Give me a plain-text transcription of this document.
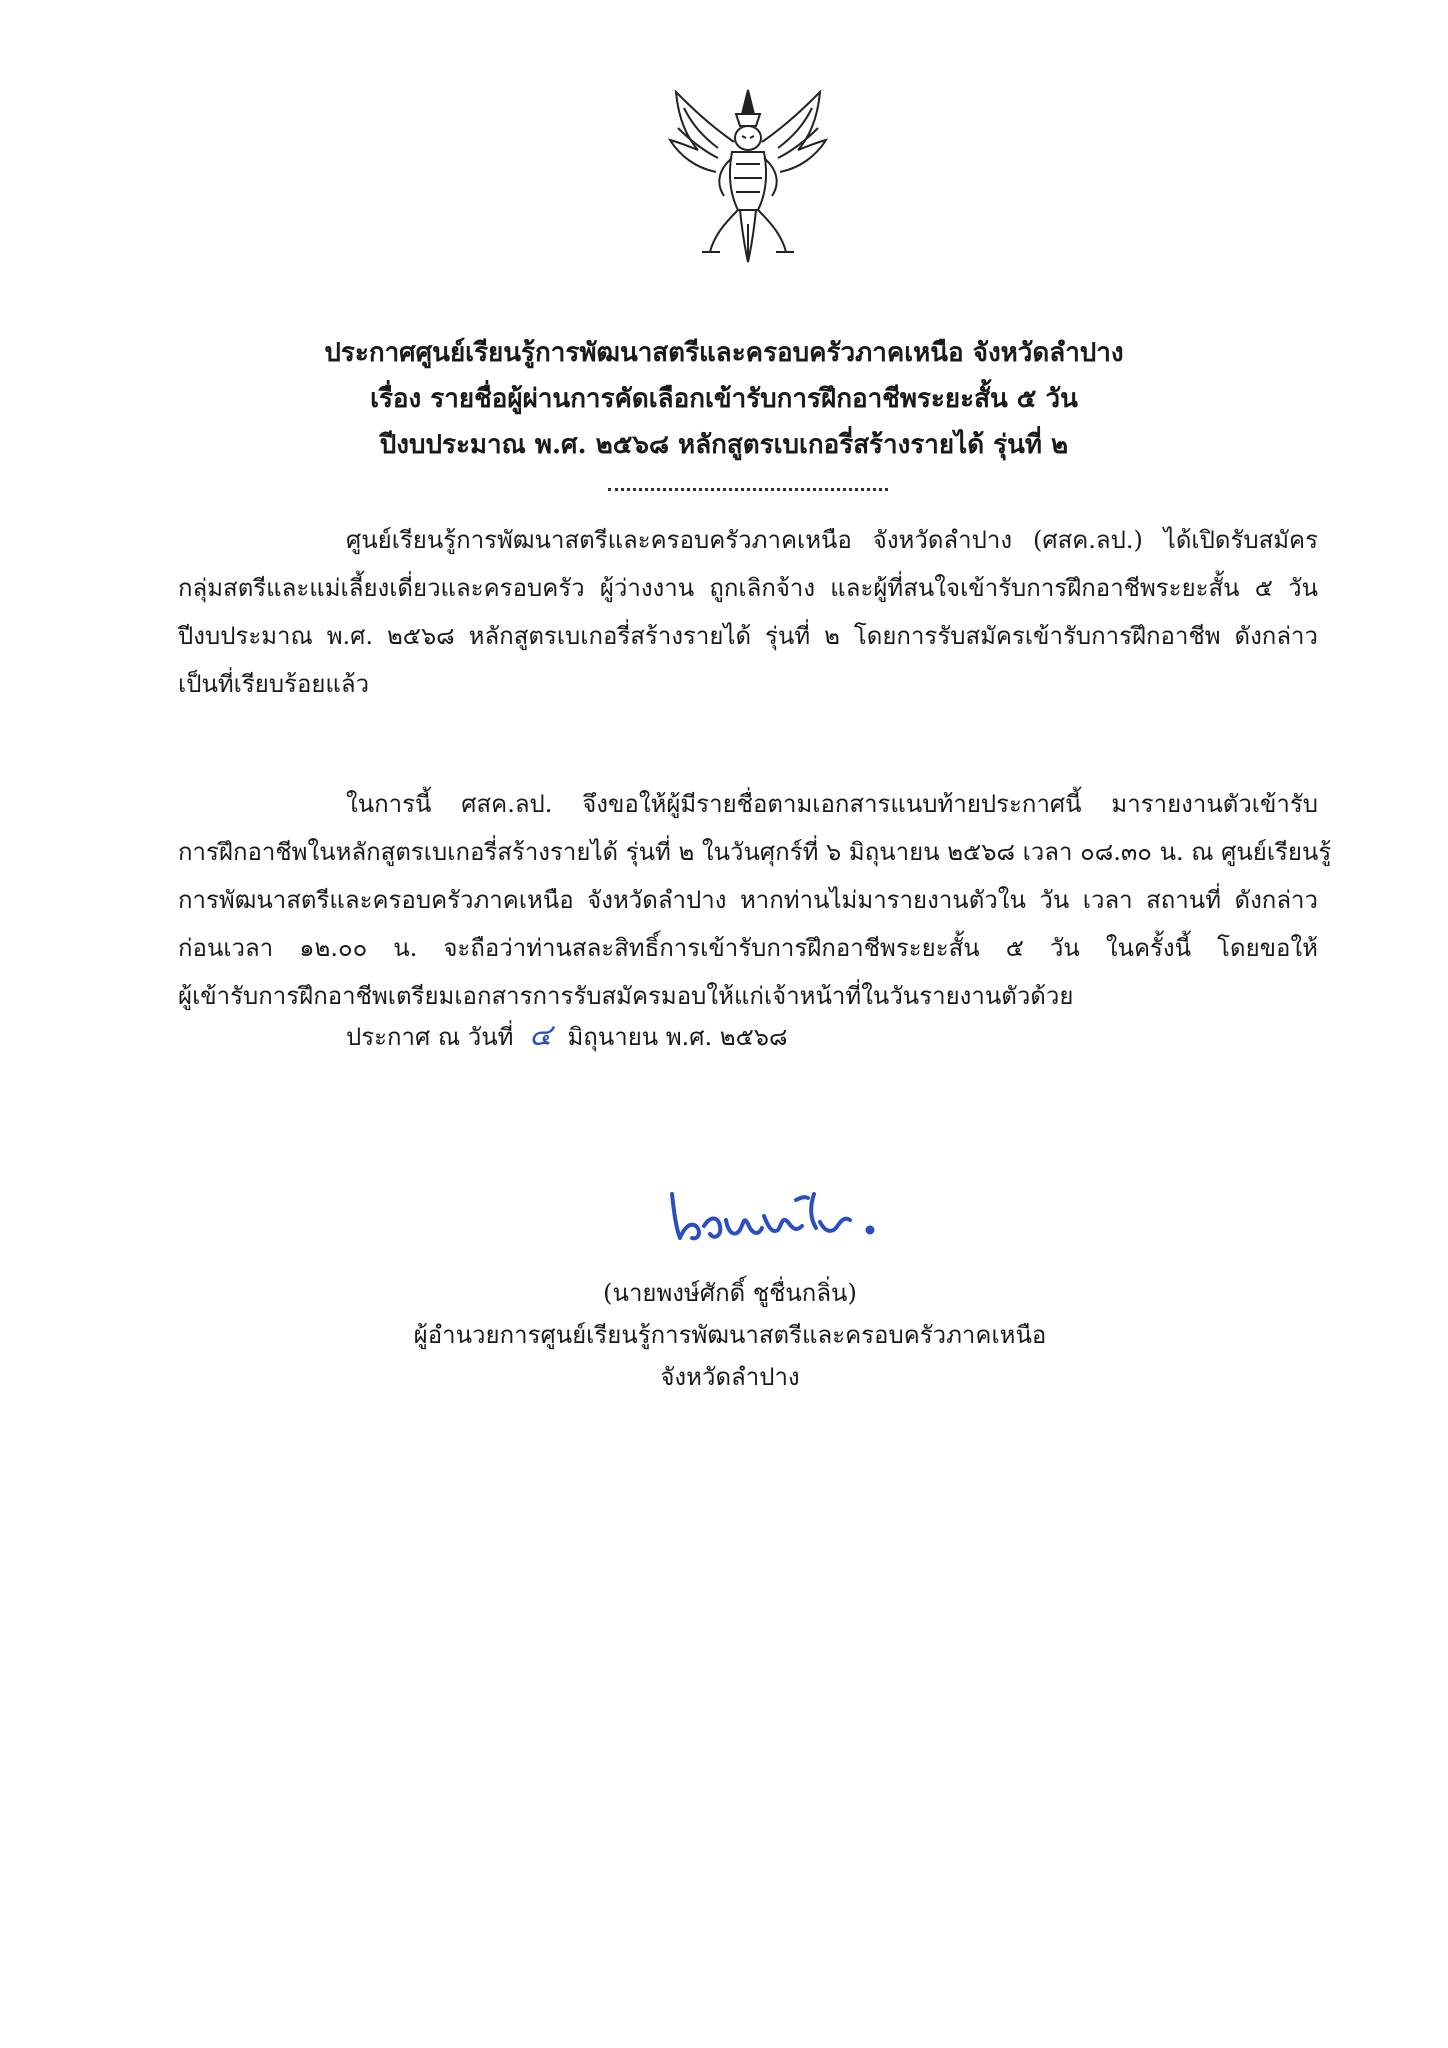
ประกาศศูนย์เรียนรู้การพัฒนาสตรีและครอบครัวภาคเหนือ จังหวัดลำปาง
เรื่อง รายชื่อผู้ผ่านการคัดเลือกเข้ารับการฝึกอาชีพระยะสั้น ๕ วัน
ปีงบประมาณ พ.ศ. ๒๕๖๘ หลักสูตรเบเกอรี่สร้างรายได้ รุ่นที่ ๒
ศูนย์เรียนรู้การพัฒนาสตรีและครอบครัวภาคเหนือ จังหวัดลำปาง (ศสค.ลป.) ได้เปิดรับสมัคร
กลุ่มสตรีและแม่เลี้ยงเดี่ยวและครอบครัว ผู้ว่างงาน ถูกเลิกจ้าง และผู้ที่สนใจเข้ารับการฝึกอาชีพระยะสั้น ๕ วัน
ปีงบประมาณ พ.ศ. ๒๕๖๘ หลักสูตรเบเกอรี่สร้างรายได้ รุ่นที่ ๒ โดยการรับสมัครเข้ารับการฝึกอาชีพ ดังกล่าว
เป็นที่เรียบร้อยแล้ว
ในการนี้ ศสค.ลป. จึงขอให้ผู้มีรายชื่อตามเอกสารแนบท้ายประกาศนี้ มารายงานตัวเข้ารับ
การฝึกอาชีพในหลักสูตรเบเกอรี่สร้างรายได้ รุ่นที่ ๒ ในวันศุกร์ที่ ๖ มิถุนายน ๒๕๖๘ เวลา ๐๘.๓๐ น. ณ ศูนย์เรียนรู้
การพัฒนาสตรีและครอบครัวภาคเหนือ จังหวัดลำปาง หากท่านไม่มารายงานตัวใน วัน เวลา สถานที่ ดังกล่าว
ก่อนเวลา ๑๒.๐๐ น. จะถือว่าท่านสละสิทธิ์การเข้ารับการฝึกอาชีพระยะสั้น ๕ วัน ในครั้งนี้ โดยขอให้
ผู้เข้ารับการฝึกอาชีพเตรียมเอกสารการรับสมัครมอบให้แก่เจ้าหน้าที่ในวันรายงานตัวด้วย
ประกาศ ณ วันที่ ๔ มิถุนายน พ.ศ. ๒๕๖๘
(นายพงษ์ศักดิ์ ชูชื่นกลิ่น)
ผู้อำนวยการศูนย์เรียนรู้การพัฒนาสตรีและครอบครัวภาคเหนือ
จังหวัดลำปาง
